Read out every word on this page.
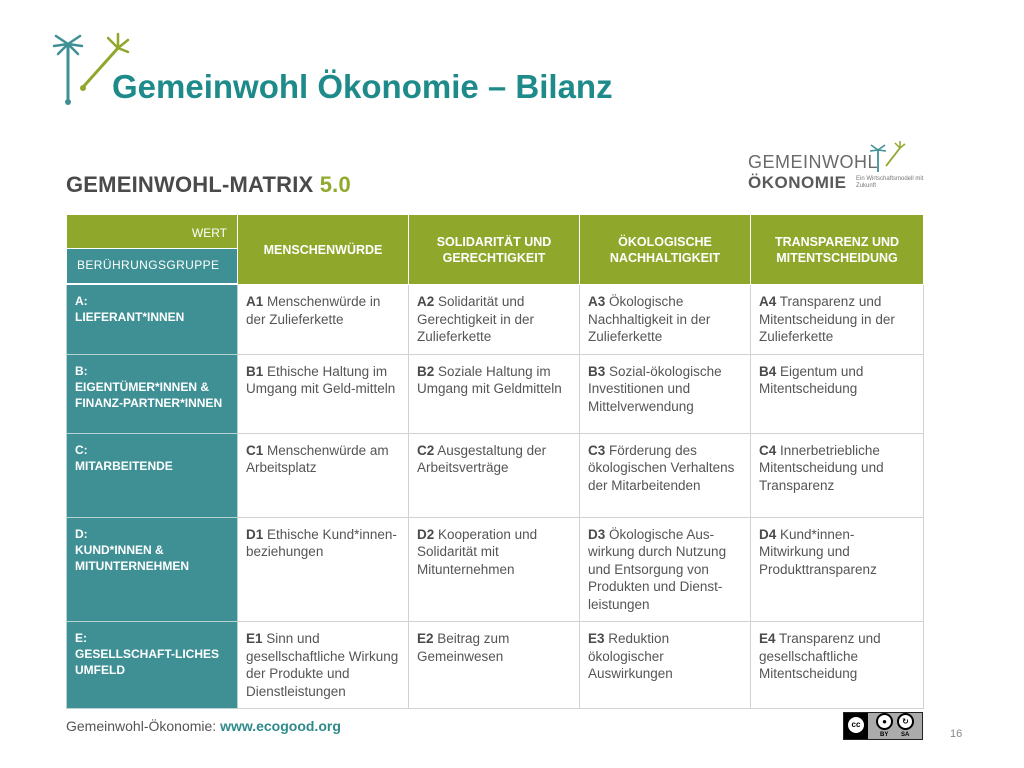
Gemeinwohl Ökonomie – Bilanz
GEMEINWOHL-MATRIX 5.0
GEMEINWOHL
ÖKONOMIE Ein Wirtschaftsmodell mit Zukunft
WERT
BERÜHRUNGSGRUPPE	MENSCHENWÜRDE	SOLIDARITÄT UND GERECHTIGKEIT	ÖKOLOGISCHE NACHHALTIGKEIT	TRANSPARENZ UND MITENTSCHEIDUNG
A:
LIEFERANT*INNEN	A1 Menschenwürde in der Zulieferkette	A2 Solidarität und Gerechtigkeit in der Zulieferkette	A3 Ökologische Nachhaltigkeit in der Zulieferkette	A4 Transparenz und Mitentscheidung in der Zulieferkette
B:
EIGENTÜMER*INNEN & FINANZ-PARTNER*INNEN	B1 Ethische Haltung im Umgang mit Geld-mitteln	B2 Soziale Haltung im Umgang mit Geldmitteln	B3 Sozial-ökologische Investitionen und Mittelverwendung	B4 Eigentum und Mitentscheidung
C:
MITARBEITENDE	C1 Menschenwürde am Arbeitsplatz	C2 Ausgestaltung der Arbeitsverträge	C3 Förderung des ökologischen Verhaltens der Mitarbeitenden	C4 Innerbetriebliche Mitentscheidung und Transparenz
D:
KUND*INNEN & MITUNTERNEHMEN	D1 Ethische Kund*innen-beziehungen	D2 Kooperation und Solidarität mit Mitunternehmen	D3 Ökologische Aus-wirkung durch Nutzung und Entsorgung von Produkten und Dienst-leistungen	D4 Kund*innen-Mitwirkung und Produkttransparenz
E:
GESELLSCHAFT-LICHES UMFELD	E1 Sinn und gesellschaftliche Wirkung der Produkte und Dienstleistungen	E2 Beitrag zum Gemeinwesen	E3 Reduktion ökologischer Auswirkungen	E4 Transparenz und gesellschaftliche Mitentscheidung
Gemeinwohl-Ökonomie: www.ecogood.org	cc	●	↻
BY SA	16
